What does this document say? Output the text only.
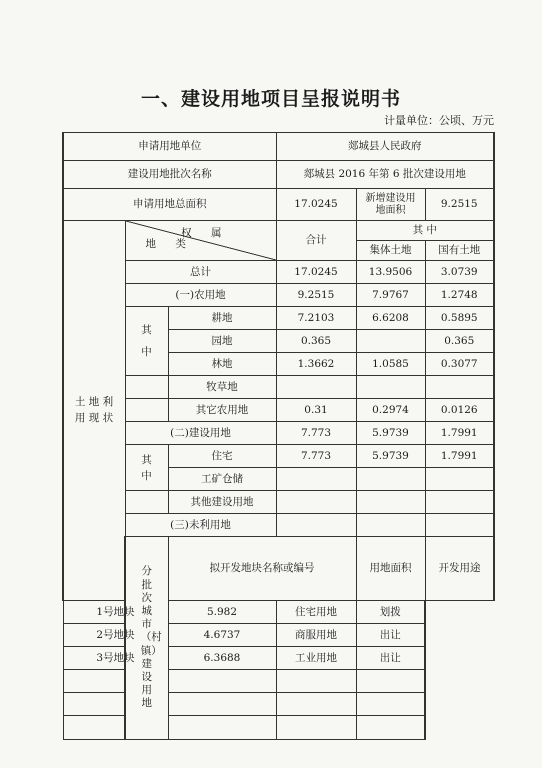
一、建设用地项目呈报说明书
计量单位：公顷、万元
申请用地单位			郯城县人民政府			
建设用地批次名称			郯城县 2016 年第 6 批次建设用地			
申请用地总面积			17.0245	新增建设用地面积	9.2515	

土 地 利 用 现 状	权 属
地 类		合计	其 中		
				集体土地	国有土地	
	总计		17.0245	13.9506	3.0739	
	(一)农用地		9.2515	7.9767	1.2748	

	其 中	耕地	7.2103	6.6208	0.5895	
		园地	0.365		0.365	
		林地	1.3662	1.0585	0.3077	
		牧草地				
		其它农用地	0.31	0.2974	0.0126	
	(二)建设用地		7.773	5.9739	1.7991	

	其 中	住宅	7.773	5.9739	1.7991	
		工矿仓储				
		其他建设用地				
	(三)未利用地					

	分批次城市（村镇）建设用地	拟开发地块名称或编号		用地面积	开发用途	
1号地块		5.982	住宅用地	划拨		
2号地块		4.6737	商服用地	出让		
3号地块		6.3688	工业用地	出让		
